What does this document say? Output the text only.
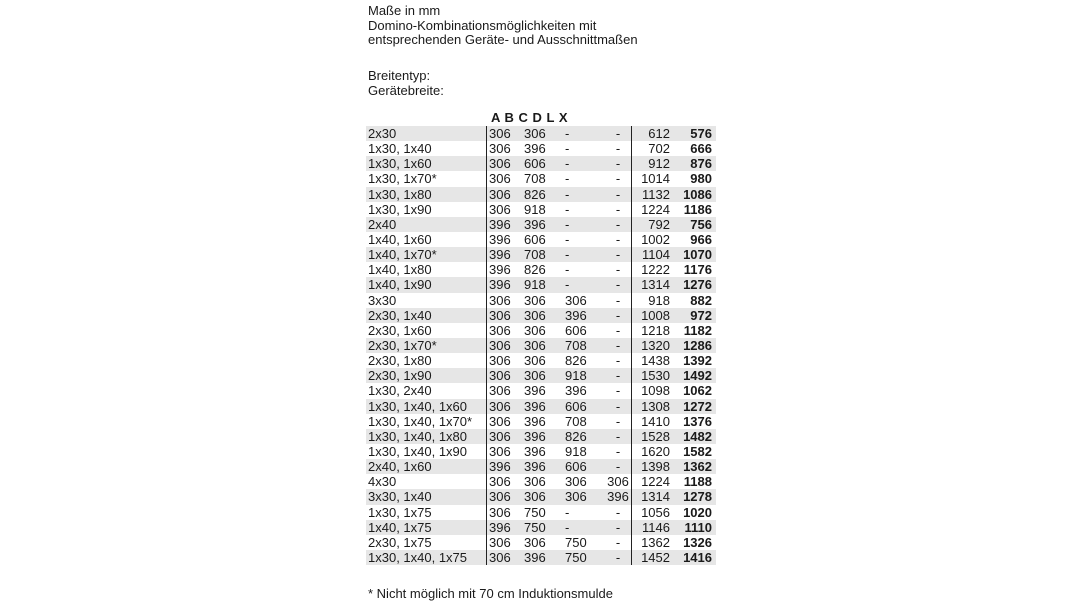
Maße in mm
Domino-Kombinationsmöglichkeiten mit
entsprechenden Geräte- und Ausschnittmaßen
Breitentyp:
Gerätebreite:
A B C D L X
2x30	306	306	-	-	612	576
1x30, 1x40	306	396	-	-	702	666
1x30, 1x60	306	606	-	-	912	876
1x30, 1x70*	306	708	-	-	1014	980
1x30, 1x80	306	826	-	-	1132	1086
1x30, 1x90	306	918	-	-	1224	1186
2x40	396	396	-	-	792	756
1x40, 1x60	396	606	-	-	1002	966
1x40, 1x70*	396	708	-	-	1104	1070
1x40, 1x80	396	826	-	-	1222	1176
1x40, 1x90	396	918	-	-	1314	1276
3x30	306	306	306	-	918	882
2x30, 1x40	306	306	396	-	1008	972
2x30, 1x60	306	306	606	-	1218	1182
2x30, 1x70*	306	306	708	-	1320	1286
2x30, 1x80	306	306	826	-	1438	1392
2x30, 1x90	306	306	918	-	1530	1492
1x30, 2x40	306	396	396	-	1098	1062
1x30, 1x40, 1x60	306	396	606	-	1308	1272
1x30, 1x40, 1x70*	306	396	708	-	1410	1376
1x30, 1x40, 1x80	306	396	826	-	1528	1482
1x30, 1x40, 1x90	306	396	918	-	1620	1582
2x40, 1x60	396	396	606	-	1398	1362
4x30	306	306	306	306	1224	1188
3x30, 1x40	306	306	306	396	1314	1278
1x30, 1x75	306	750	-	-	1056	1020
1x40, 1x75	396	750	-	-	1146	1110
2x30, 1x75	306	306	750	-	1362	1326
1x30, 1x40, 1x75	306	396	750	-	1452	1416
* Nicht möglich mit 70 cm Induktionsmulde
